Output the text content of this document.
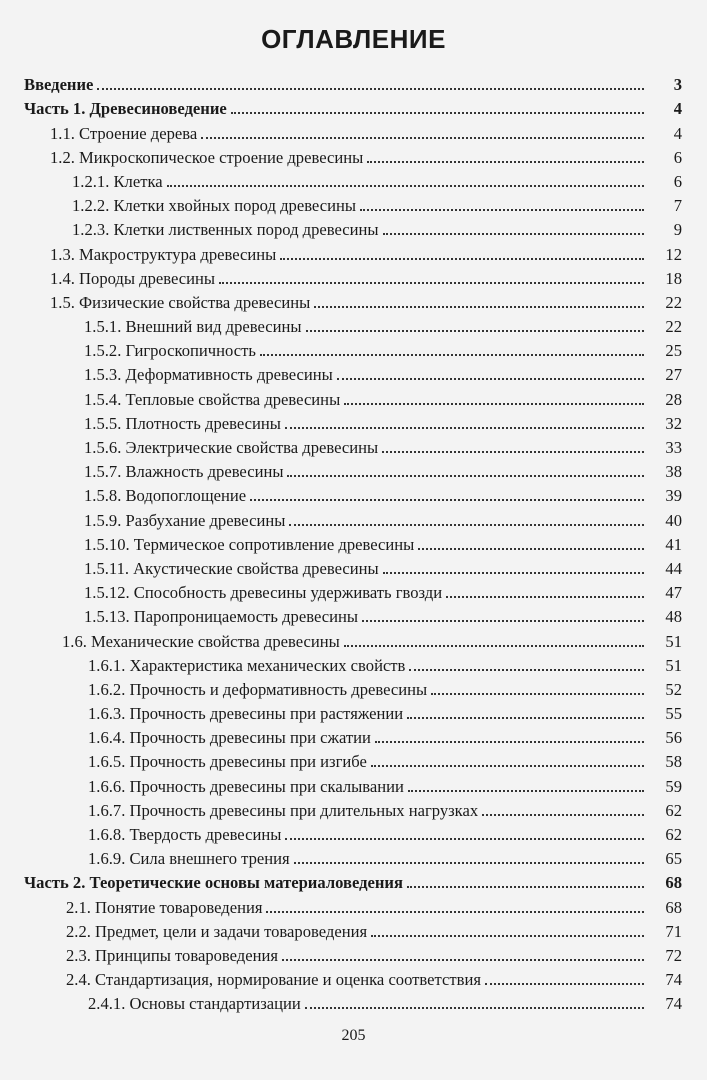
ОГЛАВЛЕНИЕ
Введение	3
Часть 1. Древесиноведение	4
1.1. Строение дерева	4
1.2. Микроскопическое строение древесины	6
1.2.1. Клетка	6
1.2.2. Клетки хвойных пород древесины	7
1.2.3. Клетки лиственных пород древесины	9
1.3. Макроструктура древесины	12
1.4. Породы древесины	18
1.5. Физические свойства древесины	22
1.5.1. Внешний вид древесины	22
1.5.2. Гигроскопичность	25
1.5.3. Деформативность древесины	27
1.5.4. Тепловые свойства древесины	28
1.5.5. Плотность древесины	32
1.5.6. Электрические свойства древесины	33
1.5.7. Влажность древесины	38
1.5.8. Водопоглощение	39
1.5.9. Разбухание древесины	40
1.5.10. Термическое сопротивление древесины	41
1.5.11. Акустические свойства древесины	44
1.5.12. Способность древесины удерживать гвозди	47
1.5.13. Паропроницаемость древесины	48
1.6. Механические свойства древесины	51
1.6.1. Характеристика механических свойств	51
1.6.2. Прочность и деформативность древесины	52
1.6.3. Прочность древесины при растяжении	55
1.6.4. Прочность древесины при сжатии	56
1.6.5. Прочность древесины при изгибе	58
1.6.6. Прочность древесины при скалывании	59
1.6.7. Прочность древесины при длительных нагрузках	62
1.6.8. Твердость древесины	62
1.6.9. Сила внешнего трения	65
Часть 2. Теоретические основы материаловедения	68
2.1. Понятие товароведения	68
2.2. Предмет, цели и задачи товароведения	71
2.3. Принципы товароведения	72
2.4. Стандартизация, нормирование и оценка соответствия	74
2.4.1. Основы стандартизации	74
205
